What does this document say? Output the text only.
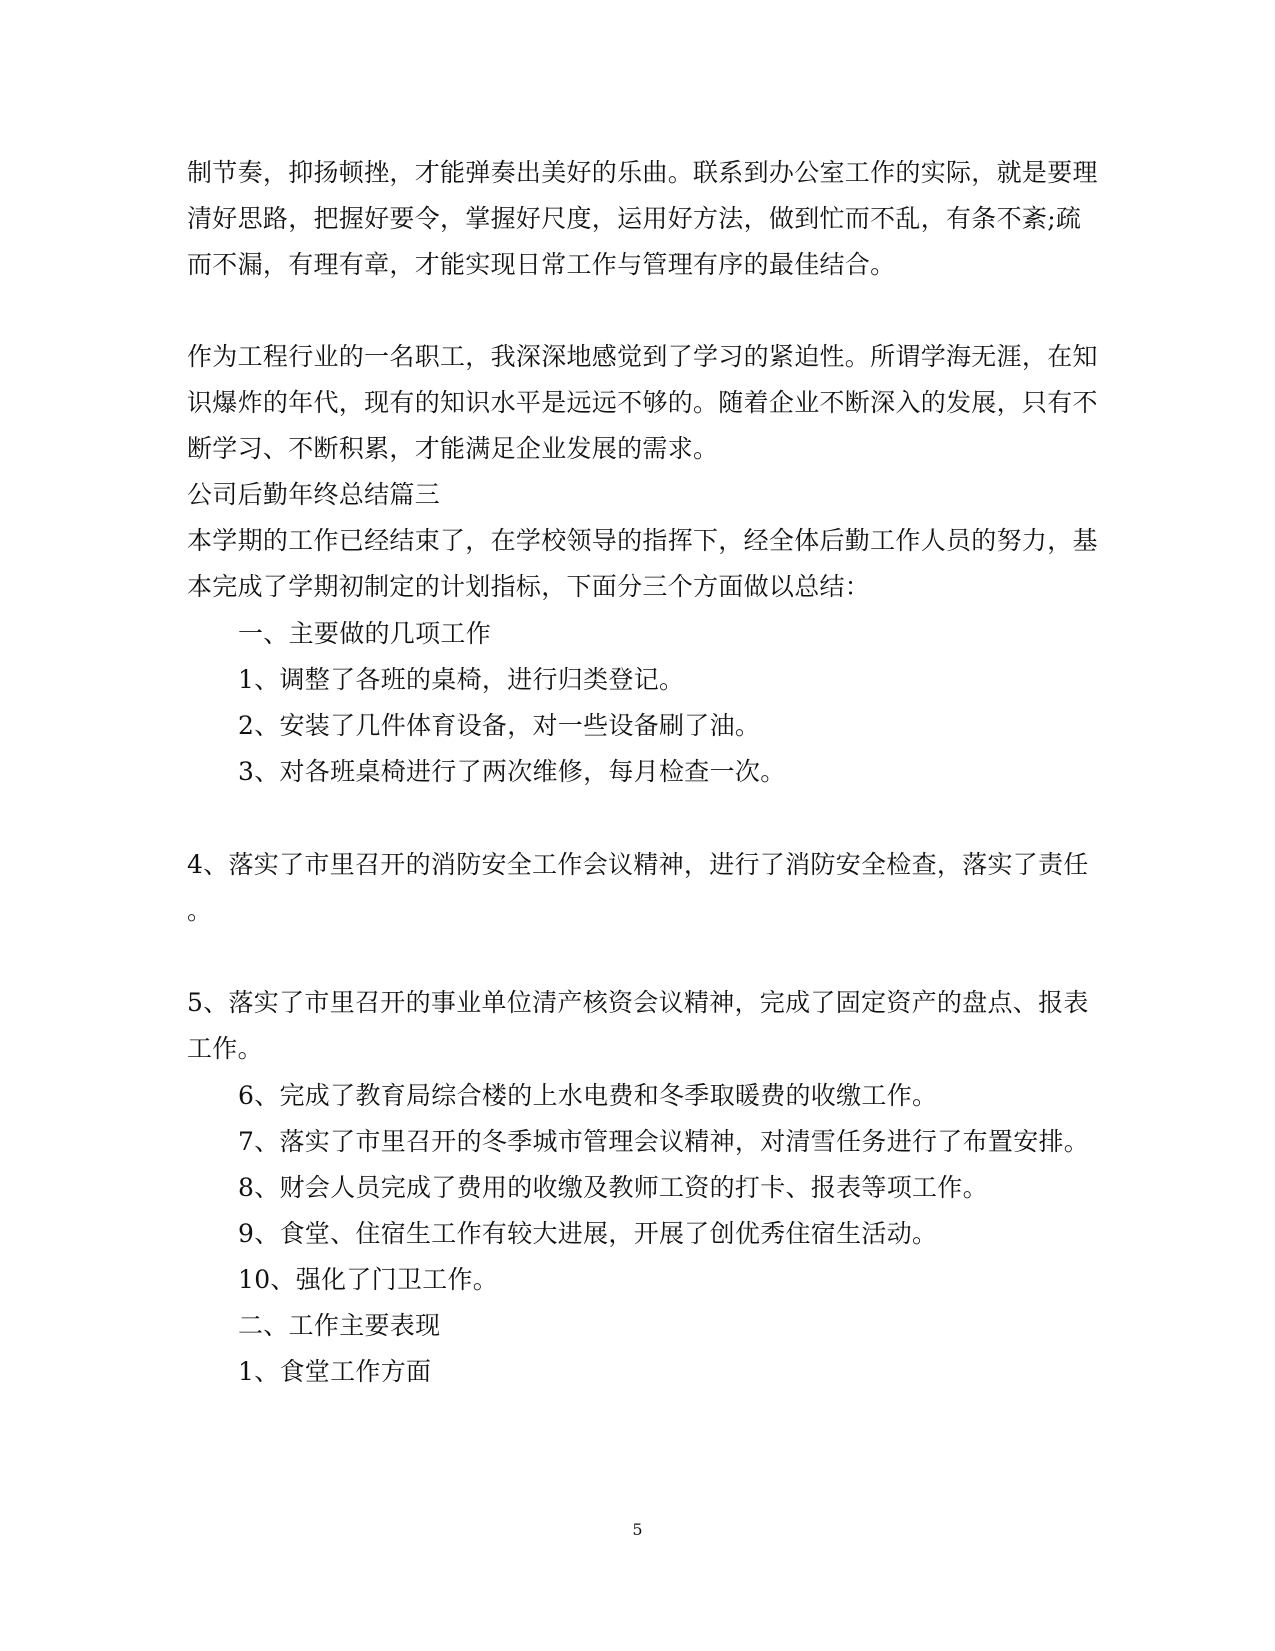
制节奏，抑扬顿挫，才能弹奏出美好的乐曲。联系到办公室工作的实际，就是要理
清好思路，把握好要令，掌握好尺度，运用好方法，做到忙而不乱，有条不紊;疏
而不漏，有理有章，才能实现日常工作与管理有序的最佳结合。
作为工程行业的一名职工，我深深地感觉到了学习的紧迫性。所谓学海无涯，在知
识爆炸的年代，现有的知识水平是远远不够的。随着企业不断深入的发展，只有不
断学习、不断积累，才能满足企业发展的需求。
公司后勤年终总结篇三
本学期的工作已经结束了，在学校领导的指挥下，经全体后勤工作人员的努力，基
本完成了学期初制定的计划指标，下面分三个方面做以总结：
一、主要做的几项工作
1、调整了各班的桌椅，进行归类登记。
2、安装了几件体育设备，对一些设备刷了油。
3、对各班桌椅进行了两次维修，每月检查一次。
4、落实了市里召开的消防安全工作会议精神，进行了消防安全检查，落实了责任
。
5、落实了市里召开的事业单位清产核资会议精神，完成了固定资产的盘点、报表
工作。
6、完成了教育局综合楼的上水电费和冬季取暖费的收缴工作。
7、落实了市里召开的冬季城市管理会议精神，对清雪任务进行了布置安排。
8、财会人员完成了费用的收缴及教师工资的打卡、报表等项工作。
9、食堂、住宿生工作有较大进展，开展了创优秀住宿生活动。
10、强化了门卫工作。
二、工作主要表现
1、食堂工作方面
5
